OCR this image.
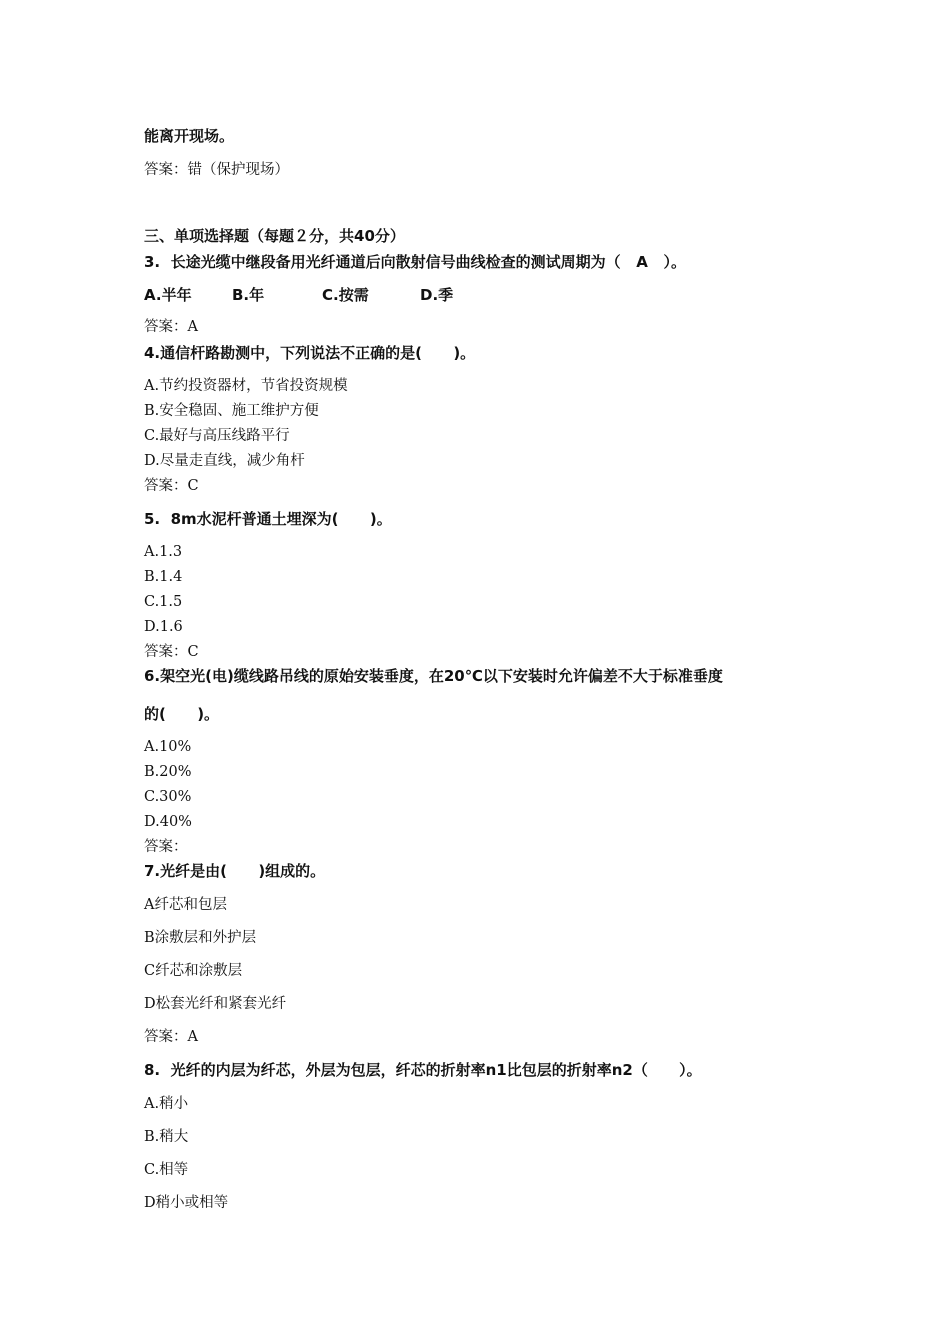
能离开现场。
答案：错（保护现场）
三、单项选择题（每题２分，共40分）
3.  长途光缆中继段备用光纤通道后向散射信号曲线检查的测试周期为（   A   ）。
A.半年	B.年	C.按需	D.季
答案：A
4.通信杆路勘测中，下列说法不正确的是(      )。
A.节约投资器材，节省投资规模
B.安全稳固、施工维护方便
C.最好与高压线路平行
D.尽量走直线，减少角杆
答案：C
5.  8m水泥杆普通土埋深为(      )。
A.1.3
B.1.4
C.1.5
D.1.6
答案：C
6.架空光(电)缆线路吊线的原始安装垂度，在20℃以下安装时允许偏差不大于标准垂度
的(      )。
A.10%
B.20%
C.30%
D.40%
答案：
7.光纤是由(      )组成的。
A纤芯和包层
B涂敷层和外护层
C纤芯和涂敷层
D松套光纤和紧套光纤
答案：A
8.  光纤的内层为纤芯，外层为包层，纤芯的折射率n1比包层的折射率n2（      ）。
A.稍小
B.稍大
C.相等
D稍小或相等
